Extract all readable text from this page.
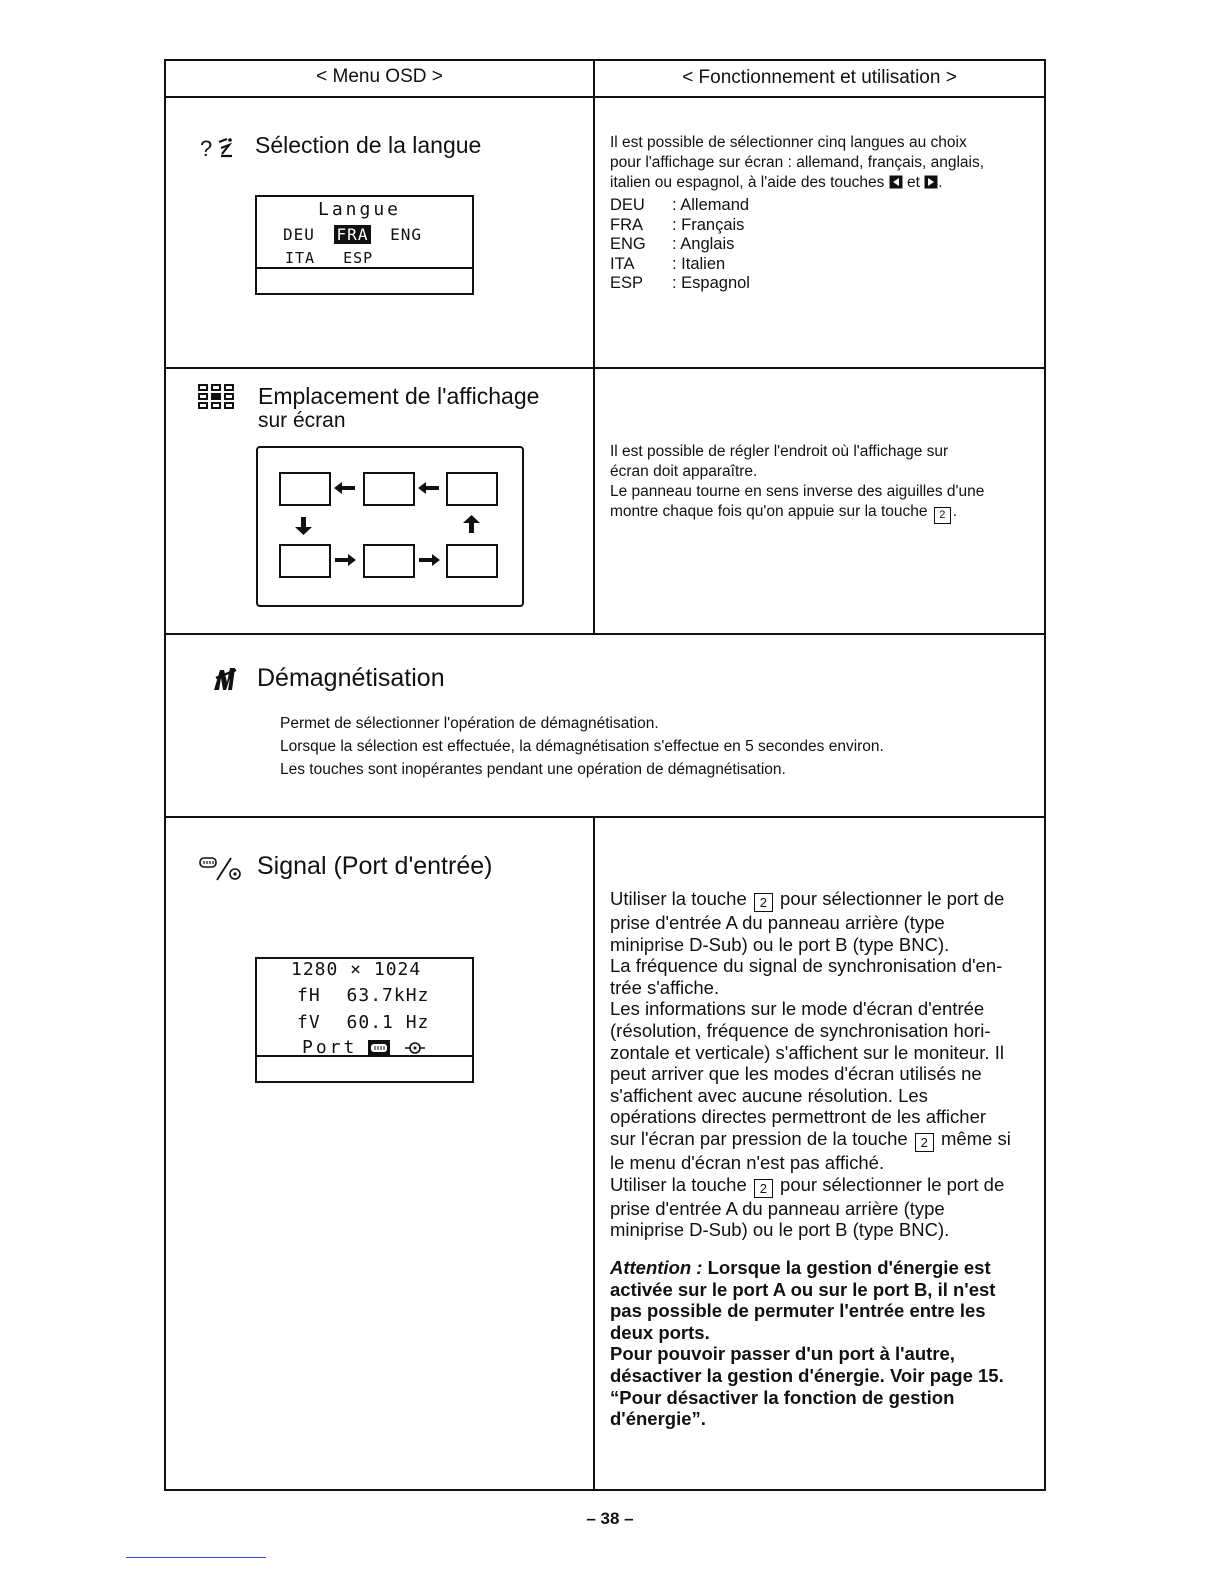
< Menu OSD >	< Fonctionnement et utilisation >
? Sélection de la langue
Langue
DEU FRA ENG
ITA ESP
Il est possible de sélectionner cinq langues au choix
pour l'affichage sur écran : allemand, français, anglais,
italien ou espagnol, à l'aide des touches et .
DEU : Allemand
FRA : Français
ENG : Anglais
ITA : Italien
ESP : Espagnol
Emplacement de l'affichage
sur écran
Il est possible de régler l'endroit où l'affichage sur
écran doit apparaître.
Le panneau tourne en sens inverse des aiguilles d'une
montre chaque fois qu'on appuie sur la touche 2 .
Démagnétisation
Permet de sélectionner l'opération de démagnétisation.
Lorsque la sélection est effectuée, la démagnétisation s'effectue en 5 secondes environ.
Les touches sont inopérantes pendant une opération de démagnétisation.
Signal (Port d'entrée)
1280 × 1024
fH 63.7kHz
fV 60.1 Hz
Port
Utiliser la touche 2 pour sélectionner le port de
prise d'entrée A du panneau arrière (type
miniprise D-Sub) ou le port B (type BNC).
La fréquence du signal de synchronisation d'en-
trée s'affiche.
Les informations sur le mode d'écran d'entrée
(résolution, fréquence de synchronisation hori-
zontale et verticale) s'affichent sur le moniteur. Il
peut arriver que les modes d'écran utilisés ne
s'affichent avec aucune résolution. Les
opérations directes permettront de les afficher
sur l'écran par pression de la touche 2 même si
le menu d'écran n'est pas affiché.
Utiliser la touche 2 pour sélectionner le port de
prise d'entrée A du panneau arrière (type
miniprise D-Sub) ou le port B (type BNC).
Attention : Lorsque la gestion d'énergie est
activée sur le port A ou sur le port B, il n'est
pas possible de permuter l'entrée entre les
deux ports.
Pour pouvoir passer d'un port à l'autre,
désactiver la gestion d'énergie. Voir page 15.
“Pour désactiver la fonction de gestion
d'énergie”.
– 38 –
